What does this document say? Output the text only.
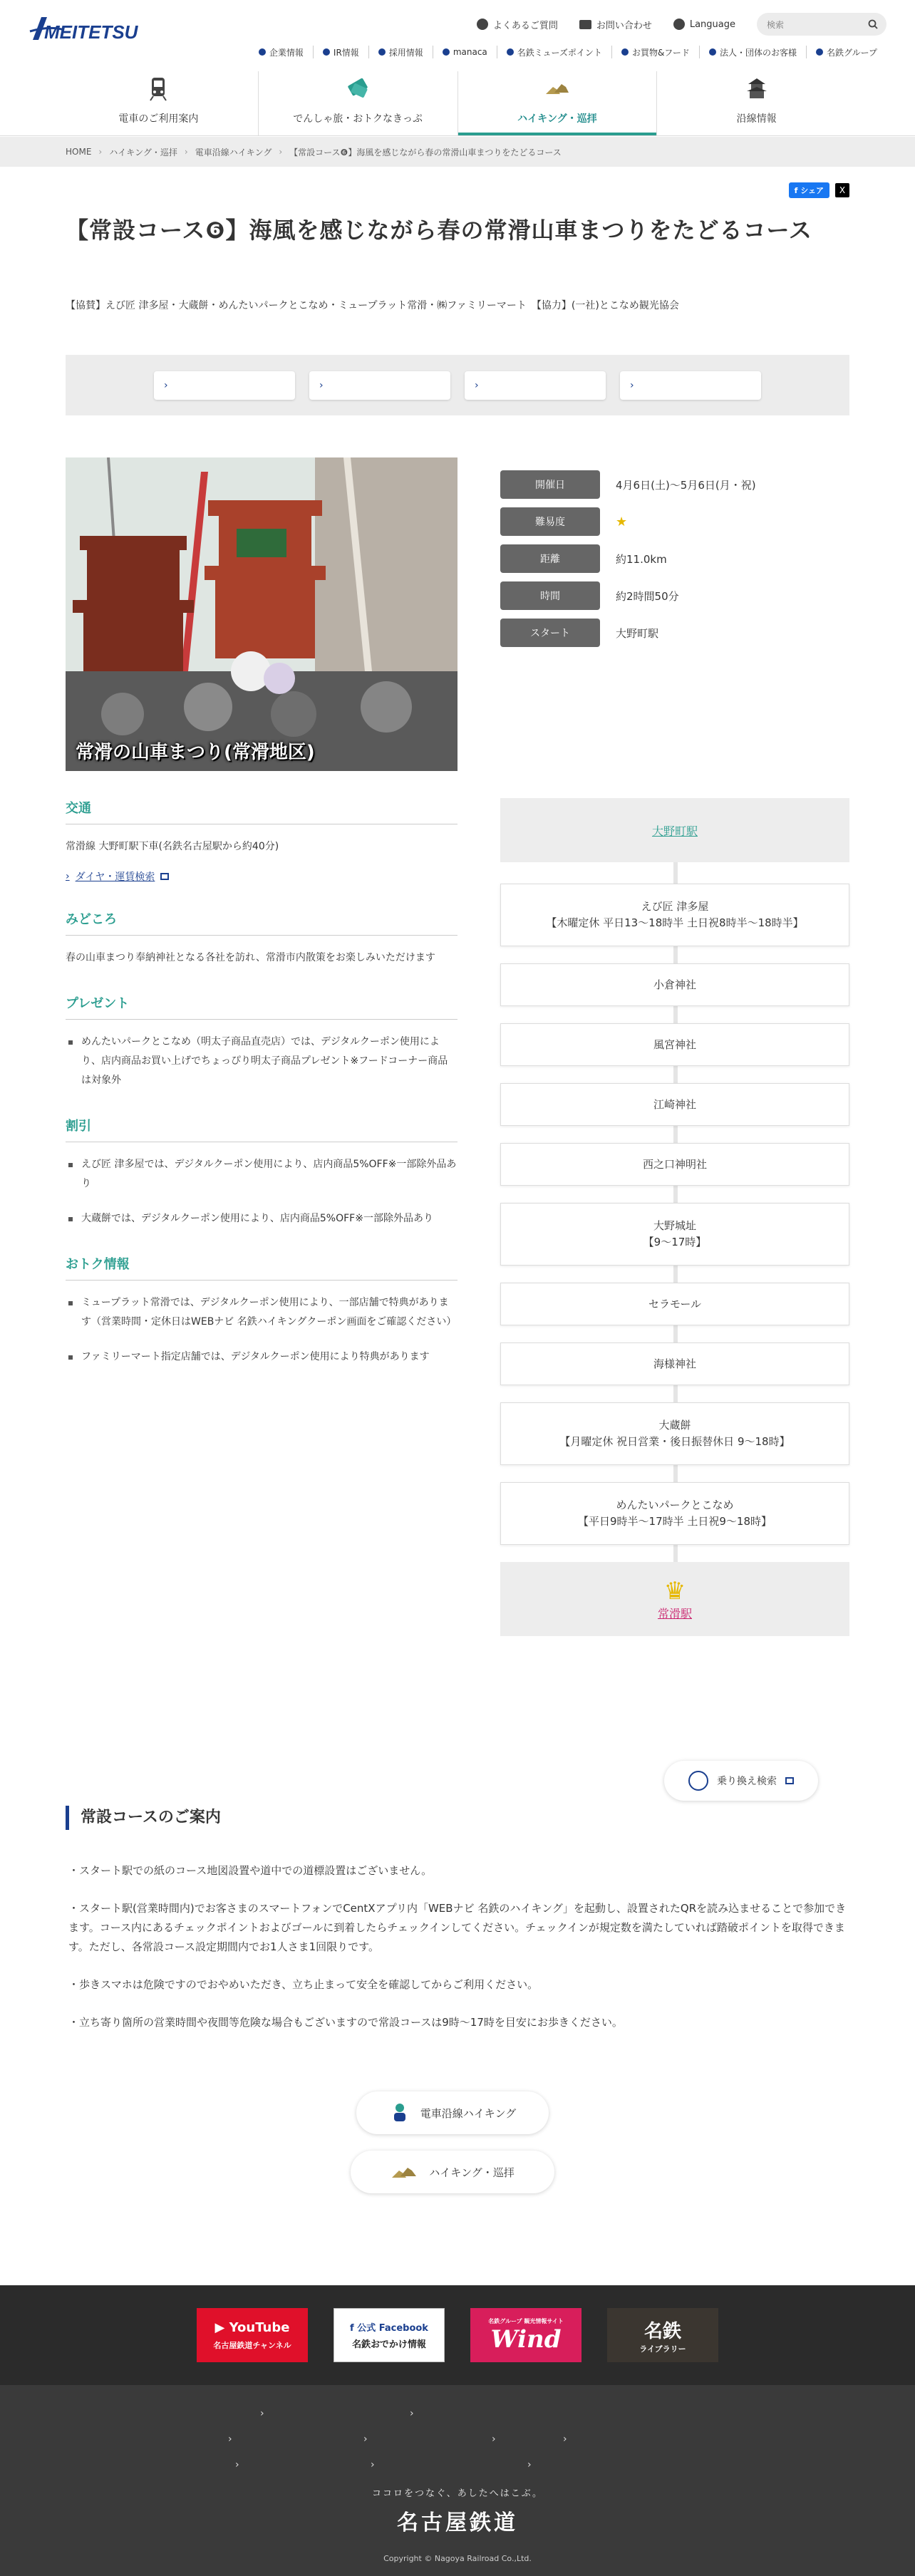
MEITETSU	よくあるご質問	お問い合わせ	Language	検索
企業情報	IR情報	採用情報	manaca	名鉄ミューズポイント	お買物&フード	法人・団体のお客様	名鉄グループ
電車のご利用案内	でんしゃ旅・おトクなきっぷ	ハイキング・巡拝	沿線情報
HOME › ハイキング・巡拝 › 電車沿線ハイキング › 【常設コース❻】海風を感じながら春の常滑山車まつりをたどるコース
f シェア	X
【常設コース❻】海風を感じながら春の常滑山車まつりをたどるコース

【協賛】えび匠 津多屋・大蔵餅・めんたいパークとこなめ・ミュープラット常滑・㈱ファミリーマート　【協力】(一社)とこなめ観光協会

›	›	›	›
常滑の山車まつり(常滑地区)
開催日	4月6日(土)〜5月6日(月・祝)
難易度	★
距離	約11.0km
時間	約2時間50分
スタート	大野町駅
交通

常滑線 大野町駅下車(名鉄名古屋駅から約40分)

› ダイヤ・運賃検索
みどころ

春の山車まつり奉納神社となる各社を訪れ、常滑市内散策をお楽しみいただけます

プレゼント
めんたいパークとこなめ（明太子商品直売店）では、デジタルクーポン使用により、店内商品お買い上げでちょっぴり明太子商品プレゼント※フードコーナー商品は対象外
割引
えび匠 津多屋では、デジタルクーポン使用により、店内商品5%OFF※一部除外品あり
大蔵餅では、デジタルクーポン使用により、店内商品5%OFF※一部除外品あり
おトク情報
ミュープラット常滑では、デジタルクーポン使用により、一部店舗で特典があります（営業時間・定休日はWEBナビ 名鉄ハイキングクーポン画面をご確認ください）
ファミリーマート指定店舗では、デジタルクーポン使用により特典があります
大野町駅
えび匠 津多屋
【木曜定休 平日13〜18時半 土日祝8時半〜18時半】
小倉神社
風宮神社
江崎神社
西之口神明社
大野城址
【9〜17時】
セラモール
海様神社
大蔵餅
【月曜定休 祝日営業・後日振替休日 9〜18時】
めんたいパークとこなめ
【平日9時半〜17時半 土日祝9〜18時】
♛
常滑駅
乗り換え検索
常設コースのご案内

・スタート駅での紙のコース地図設置や道中での道標設置はございません。

・スタート駅(営業時間内)でお客さまのスマートフォンでCentXアプリ内「WEBナビ 名鉄のハイキング」を起動し、設置されたQRを読み込ませることで参加できます。コース内にあるチェックポイントおよびゴールに到着したらチェックインしてください。チェックインが規定数を満たしていれば踏破ポイントを取得できます。ただし、各常設コース設定期間内でお1人さま1回限りです。

・歩きスマホは危険ですのでおやめいただき、立ち止まって安全を確認してからご利用ください。

・立ち寄り箇所の営業時間や夜間等危険な場合もございますので常設コースは9時〜17時を目安にお歩きください。

電車沿線ハイキング
ハイキング・巡拝
▶ YouTube
名古屋鉄道チャンネル
f 公式 Facebook
名鉄おでかけ情報
名鉄グループ 観光情報サイト
Wind	名鉄
ライブラリー
›	›
›	›	›	›
›	›	›
ココロをつなぐ、あしたへはこぶ。
名古屋鉄道
Copyright © Nagoya Railroad Co.,Ltd.
